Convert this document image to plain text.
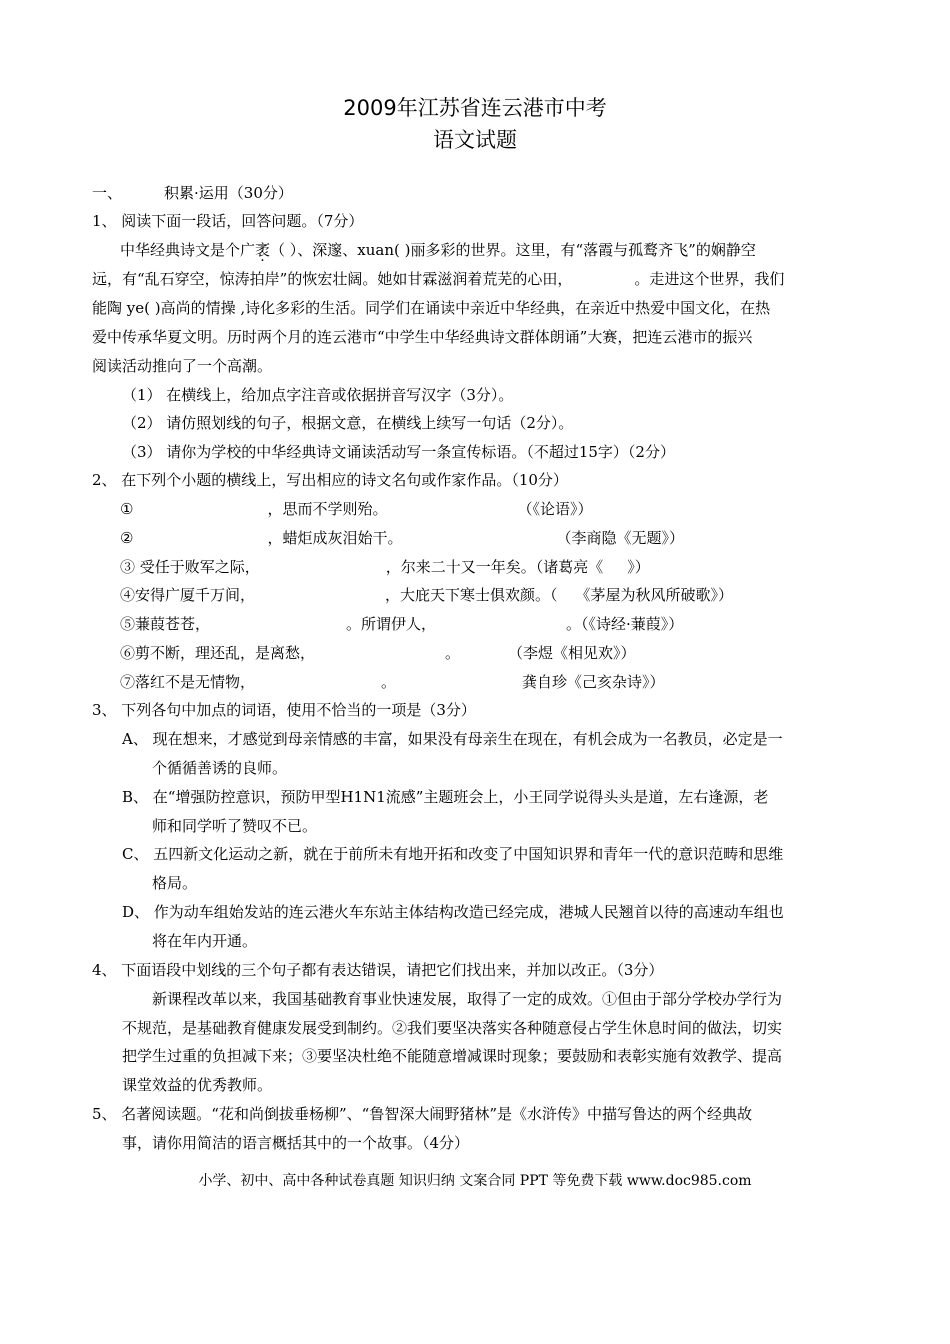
2009年江苏省连云港市中考
语文试题
一、	积累·运用（30分）
1、 阅读下面一段话，回答问题。（7分）
中华经典诗文是个广袤（ ）、深邃、xuan( )丽多彩的世界。这里，有“落霞与孤鹜齐飞”的娴静空
远，有“乱石穿空，惊涛拍岸”的恢宏壮阔。她如甘霖滋润着荒芜的心田，	。走进这个世界，我们
能陶 ye( )高尚的情操 ,诗化多彩的生活。同学们在诵读中亲近中华经典，在亲近中热爱中国文化，在热
爱中传承华夏文明。历时两个月的连云港市“中学生中华经典诗文群体朗诵”大赛，把连云港市的振兴
阅读活动推向了一个高潮。
（1） 在横线上，给加点字注音或依据拼音写汉字（3分）。
（2） 请仿照划线的句子，根据文意，在横线上续写一句话（2分）。
（3） 请你为学校的中华经典诗文诵读活动写一条宣传标语。（不超过15字）（2分）
2、 在下列个小题的横线上，写出相应的诗文名句或作家作品。（10分）
①	，思而不学则殆。	（《论语》）
②	，蜡炬成灰泪始干。	（李商隐《无题》）
③ 受任于败军之际，	，尔来二十又一年矣。（诸葛亮《 》）
④安得广厦千万间，	，大庇天下寒士俱欢颜。（ 《茅屋为秋风所破歌》）
⑤蒹葭苍苍，	。所谓伊人，	。（《诗经·蒹葭》）
⑥剪不断，理还乱，是离愁，	。	（李煜《相见欢》）
⑦落红不是无情物，	。	龚自珍《己亥杂诗》）
3、 下列各句中加点的词语，使用不恰当的一项是（3分）
A、 现在想来，才感觉到母亲情感的丰富，如果没有母亲生在现在，有机会成为一名教员，必定是一
个循循善诱的良师。
B、 在“增强防控意识，预防甲型H1N1流感”主题班会上，小王同学说得头头是道，左右逢源，老
师和同学听了赞叹不已。
C、 五四新文化运动之新，就在于前所未有地开拓和改变了中国知识界和青年一代的意识范畴和思维
格局。
D、 作为动车组始发站的连云港火车东站主体结构改造已经完成，港城人民翘首以待的高速动车组也
将在年内开通。
4、 下面语段中划线的三个句子都有表达错误，请把它们找出来，并加以改正。（3分）
新课程改革以来，我国基础教育事业快速发展，取得了一定的成效。①但由于部分学校办学行为
不规范，是基础教育健康发展受到制约。②我们要坚决落实各种随意侵占学生休息时间的做法，切实
把学生过重的负担减下来；③要坚决杜绝不能随意增减课时现象；要鼓励和表彰实施有效教学、提高
课堂效益的优秀教师。
5、 名著阅读题。“花和尚倒拔垂杨柳”、“鲁智深大闹野猪林”是《水浒传》中描写鲁达的两个经典故
事，请你用简洁的语言概括其中的一个故事。（4分）
小学、初中、高中各种试卷真题 知识归纳 文案合同 PPT 等免费下载 www.doc985.com
